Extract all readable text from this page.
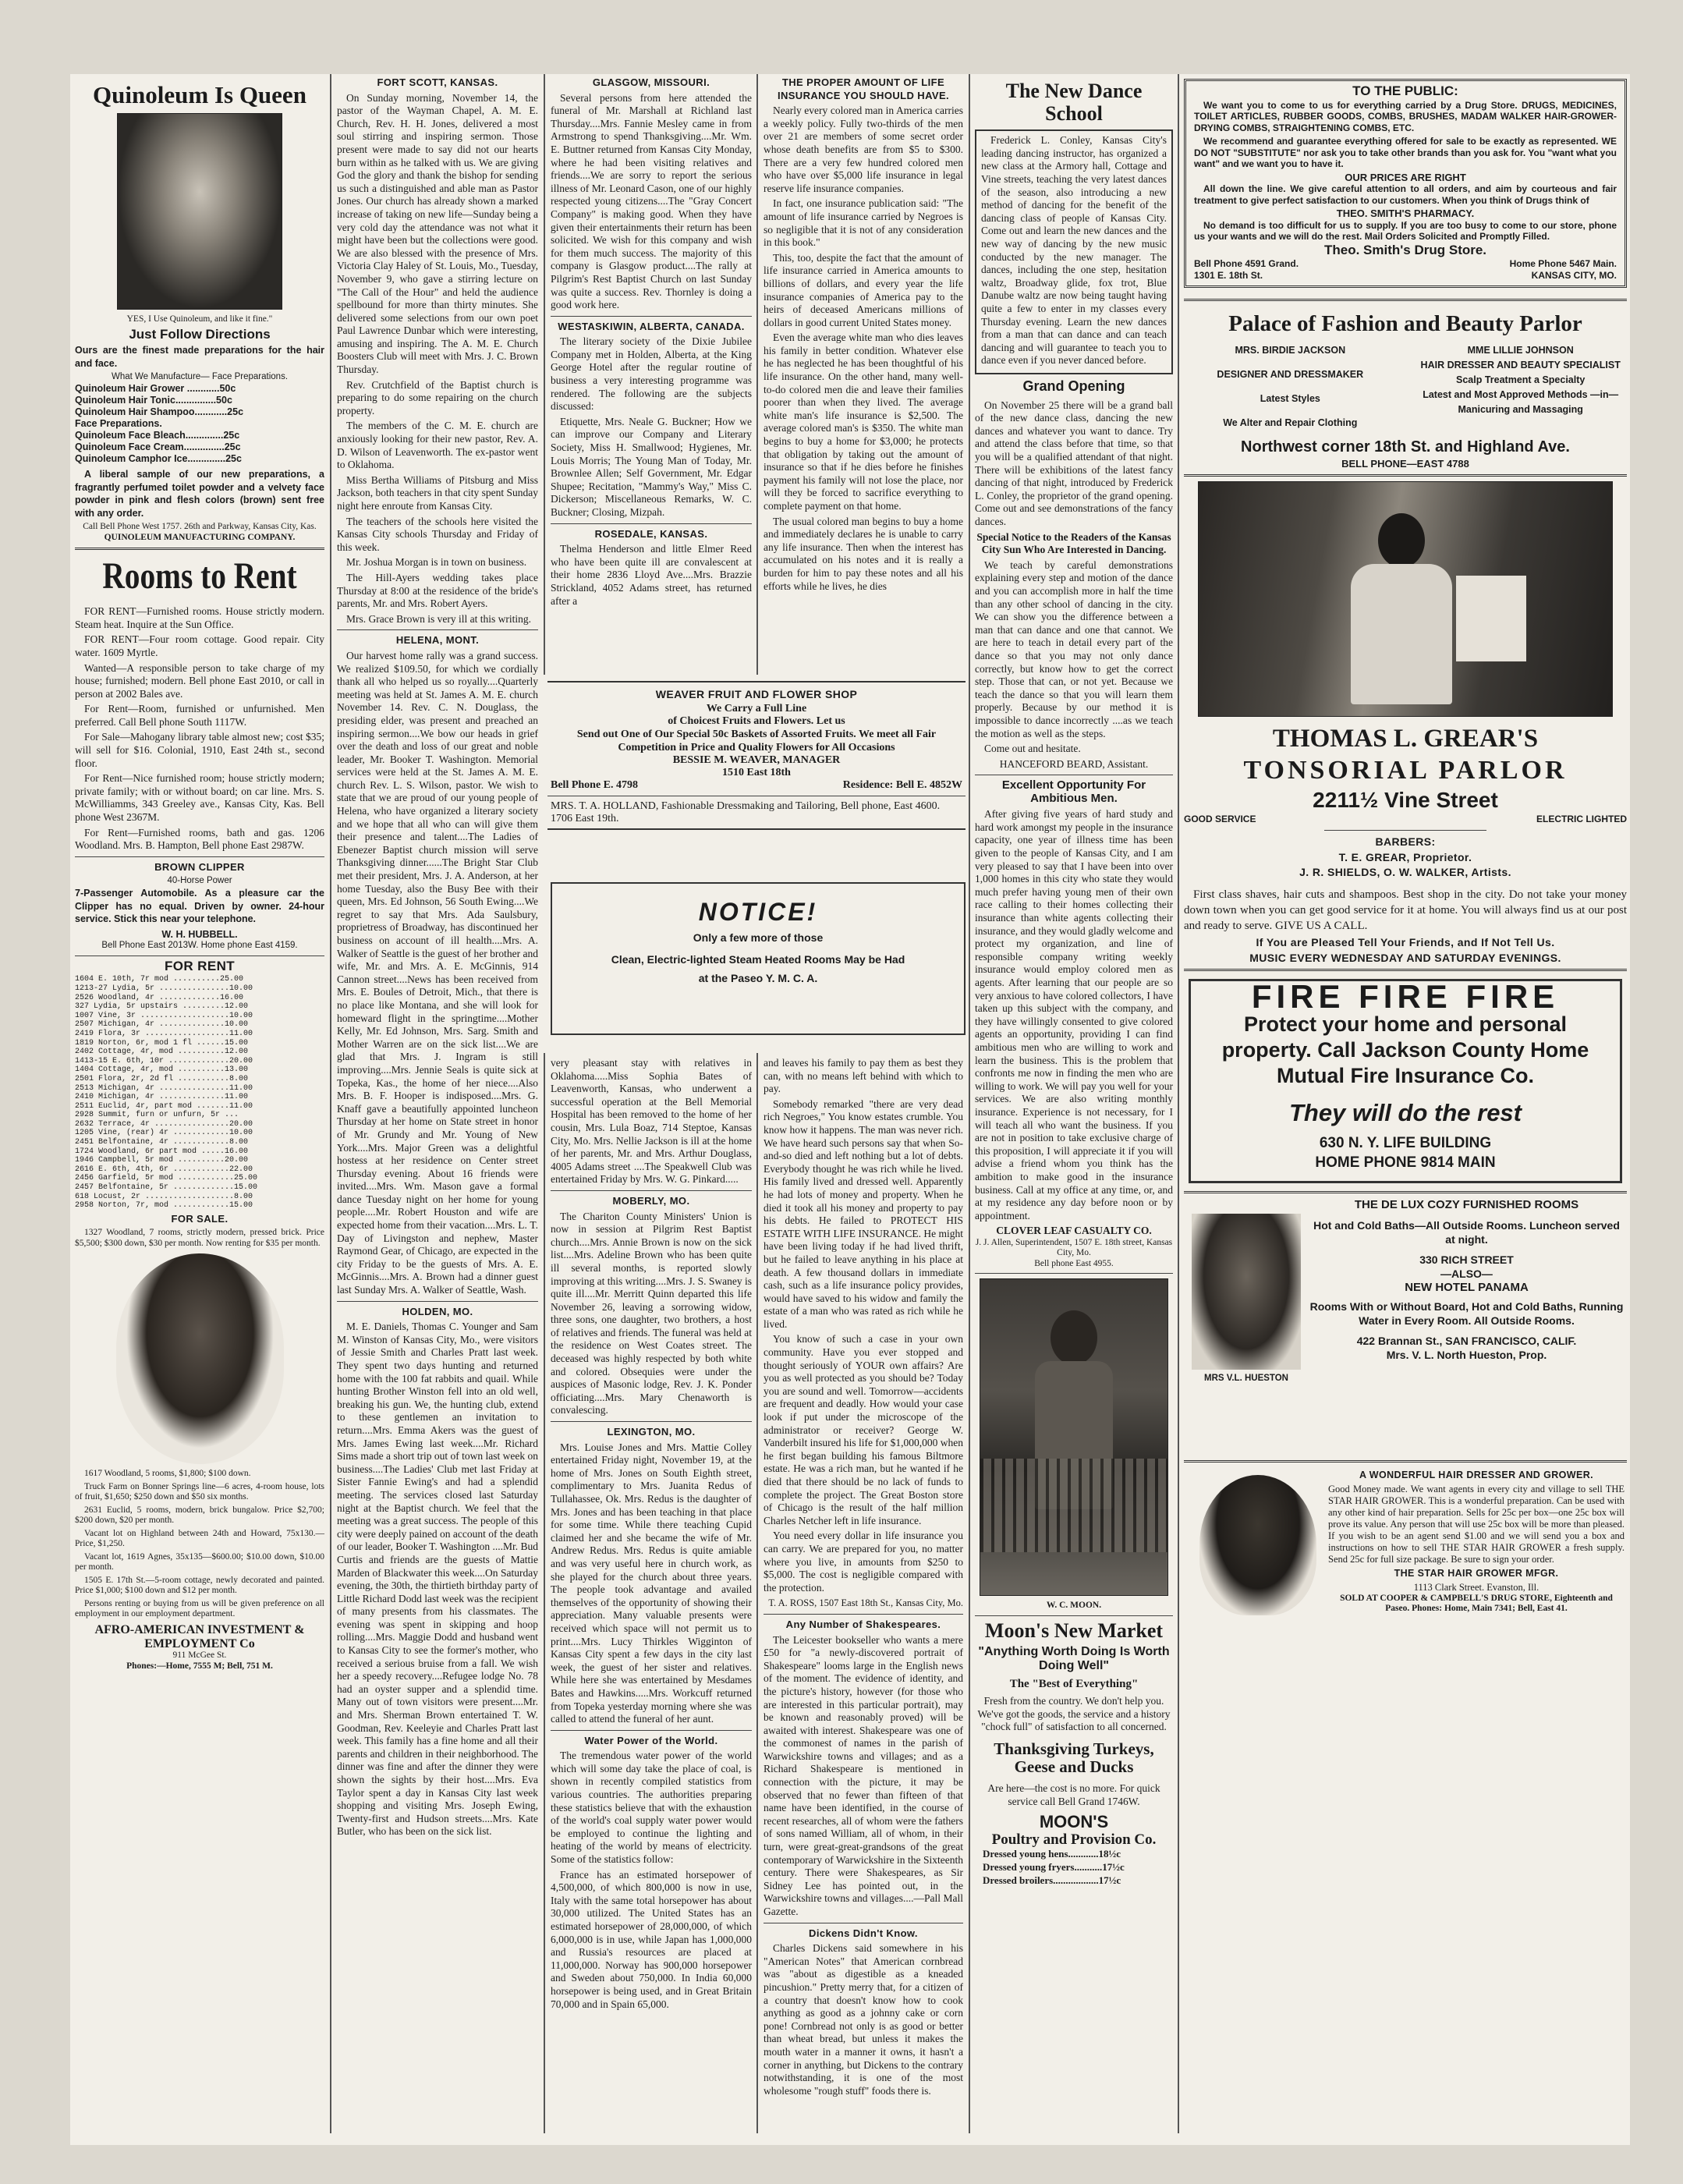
Quinoleum Is Queen
YES, I Use Quinoleum, and like it fine."
Just Follow Directions

Ours are the finest made preparations for the hair and face.

What We Manufacture— Face Preparations.
Quinoleum Hair Grower ............50c
Quinoleum Hair Tonic...............50c
Quinoleum Hair Shampoo............25c
Face Preparations.
Quinoleum Face Bleach..............25c
Quinoleum Face Cream...............25c
Quinoleum Camphor Ice..............25c

A liberal sample of our new preparations, a fragrantly perfumed toilet powder and a velvety face powder in pink and flesh colors (brown) sent free with any order.

Call Bell Phone West 1757. 26th and Parkway, Kansas City, Kas.
QUINOLEUM MANUFACTURING COMPANY.
Rooms to Rent

FOR RENT—Furnished rooms. House strictly modern. Steam heat. Inquire at the Sun Office.

FOR RENT—Four room cottage. Good repair. City water. 1609 Myrtle.

Wanted—A responsible person to take charge of my house; furnished; modern. Bell phone East 2010, or call in person at 2002 Bales ave.

For Rent—Room, furnished or unfurnished. Men preferred. Call Bell phone South 1117W.

For Sale—Mahogany library table almost new; cost $35; will sell for $16. Colonial, 1910, East 24th st., second floor.

For Rent—Nice furnished room; house strictly modern; private family; with or without board; on car line. Mrs. S. McWilliamms, 343 Greeley ave., Kansas City, Kas. Bell phone West 2367M.

For Rent—Furnished rooms, bath and gas. 1206 Woodland. Mrs. B. Hampton, Bell phone East 2987W.

BROWN CLIPPER
40-Horse Power

7-Passenger Automobile. As a pleasure car the Clipper has no equal. Driven by owner. 24-hour service. Stick this near your telephone.

W. H. HUBBELL.
Bell Phone East 2013W. Home phone East 4159.
FOR RENT
1604 E. 10th, 7r mod ..........25.00
1213-27 Lydia, 5r ...............10.00
2526 Woodland, 4r .............16.00
327 Lydia, 5r upstairs .........12.00
1007 Vine, 3r ...................10.00
2507 Michigan, 4r ..............10.00
2419 Flora, 3r ..................11.00
1819 Norton, 6r, mod 1 fl ......15.00
2402 Cottage, 4r, mod ..........12.00
1413-15 E. 6th, 10r .............20.00
1404 Cottage, 4r, mod ..........13.00
2501 Flora, 2r, 2d fl ...........8.00
2513 Michigan, 4r ...............11.00
2410 Michigan, 4r ..............11.00
2511 Euclid, 4r, part mod .......11.00
2928 Summit, furn or unfurn, 5r ...
2632 Terrace, 4r ................20.00
1205 Vine, (rear) 4r ............10.00
2451 Belfontaine, 4r ............8.00
1724 Woodland, 6r part mod .....16.00
1946 Campbell, 5r mod ..........20.00
2616 E. 6th, 4th, 6r ............22.00
2456 Garfield, 5r mod ............25.00
2457 Belfontaine, 5r .............15.00
618 Locust, 2r ...................8.00
2958 Norton, 7r, mod ............15.00
FOR SALE.

1327 Woodland, 7 rooms, strictly modern, pressed brick. Price $5,500; $300 down, $30 per month. Now renting for $35 per month.

1617 Woodland, 5 rooms, $1,800; $100 down.

Truck Farm on Bonner Springs line—6 acres, 4-room house, lots of fruit, $1,650; $250 down and $50 six months.

2631 Euclid, 5 rooms, modern, brick bungalow. Price $2,700; $200 down, $20 per month.

Vacant lot on Highland between 24th and Howard, 75x130.—Price, $1,250.

Vacant lot, 1619 Agnes, 35x135—$600.00; $10.00 down, $10.00 per month.

1505 E. 17th St.—5-room cottage, newly decorated and painted. Price $1,000; $100 down and $12 per month.

Persons renting or buying from us will be given preference on all employment in our employment department.

AFRO-AMERICAN INVESTMENT & EMPLOYMENT Co
911 McGee St.
Phones:—Home, 7555 M; Bell, 751 M.
FORT SCOTT, KANSAS.

On Sunday morning, November 14, the pastor of the Wayman Chapel, A. M. E. Church, Rev. H. H. Jones, delivered a most soul stirring and inspiring sermon. Those present were made to say did not our hearts burn within as he talked with us. We are giving God the glory and thank the bishop for sending us such a distinguished and able man as Pastor Jones. Our church has already shown a marked increase of taking on new life—Sunday being a very cold day the attendance was not what it might have been but the collections were good. We are also blessed with the presence of Mrs. Victoria Clay Haley of St. Louis, Mo., Tuesday, November 9, who gave a stirring lecture on "The Call of the Hour" and held the audience spellbound for more than thirty minutes. She delivered some selections from our own poet Paul Lawrence Dunbar which were interesting, amusing and inspiring. The A. M. E. Church Boosters Club will meet with Mrs. J. C. Brown Thursday.

Rev. Crutchfield of the Baptist church is preparing to do some repairing on the church property.

The members of the C. M. E. church are anxiously looking for their new pastor, Rev. A. D. Wilson of Leavenworth. The ex-pastor went to Oklahoma.

Miss Bertha Williams of Pitsburg and Miss Jackson, both teachers in that city spent Sunday night here enroute from Kansas City.

The teachers of the schools here visited the Kansas City schools Thursday and Friday of this week.

Mr. Joshua Morgan is in town on business.

The Hill-Ayers wedding takes place Thursday at 8:00 at the residence of the bride's parents, Mr. and Mrs. Robert Ayers.

Mrs. Grace Brown is very ill at this writing.

HELENA, MONT.

Our harvest home rally was a grand success. We realized $109.50, for which we cordially thank all who helped us so royally....Quarterly meeting was held at St. James A. M. E. church November 14. Rev. C. N. Douglass, the presiding elder, was present and preached an inspiring sermon....We bow our heads in grief over the death and loss of our great and noble leader, Mr. Booker T. Washington. Memorial services were held at the St. James A. M. E. church Rev. L. S. Wilson, pastor. We wish to state that we are proud of our young people of Helena, who have organized a literary society and we hope that all who can will give them their presence and talent....The Ladies of Ebenezer Baptist church mission will serve Thanksgiving dinner......The Bright Star Club met their president, Mrs. J. A. Anderson, at her home Tuesday, also the Busy Bee with their queen, Mrs. Ed Johnson, 56 South Ewing....We regret to say that Mrs. Ada Saulsbury, proprietress of Broadway, has discontinued her business on account of ill health....Mrs. A. Walker of Seattle is the guest of her brother and wife, Mr. and Mrs. A. E. McGinnis, 914 Cannon street....News has been received from Mrs. E. Boules of Detroit, Mich., that there is no place like Montana, and she will look for homeward flight in the springtime....Mother Kelly, Mr. Ed Johnson, Mrs. Sarg. Smith and Mother Warren are on the sick list....We are glad that Mrs. J. Ingram is still improving....Mrs. Jennie Seals is quite sick at Topeka, Kas., the home of her niece....Also Mrs. B. F. Hooper is indisposed....Mrs. G. Knaff gave a beautifully appointed luncheon Thursday at her home on State street in honor of Mr. Grundy and Mr. Young of New York....Mrs. Major Green was a delightful hostess at her residence on Center street Thursday evening. About 16 friends were invited....Mrs. Wm. Mason gave a formal dance Tuesday night on her home for young people....Mr. Robert Houston and wife are expected home from their vacation....Mrs. L. T. Day of Livingston and nephew, Master Raymond Gear, of Chicago, are expected in the city Friday to be the guests of Mrs. A. E. McGinnis....Mrs. A. Brown had a dinner guest last Sunday Mrs. A. Walker of Seattle, Wash.

HOLDEN, MO.

M. E. Daniels, Thomas C. Younger and Sam M. Winston of Kansas City, Mo., were visitors of Jessie Smith and Charles Pratt last week. They spent two days hunting and returned home with the 100 fat rabbits and quail. While hunting Brother Winston fell into an old well, breaking his gun. We, the hunting club, extend to these gentlemen an invitation to return....Mrs. Emma Akers was the guest of Mrs. James Ewing last week....Mr. Richard Sims made a short trip out of town last week on business....The Ladies' Club met last Friday at Sister Fannie Ewing's and had a splendid meeting. The services closed last Saturday night at the Baptist church. We feel that the meeting was a great success. The people of this city were deeply pained on account of the death of our leader, Booker T. Washington ....Mr. Bud Curtis and friends are the guests of Mattie Marden of Blackwater this week....On Saturday evening, the 30th, the thirtieth birthday party of Little Richard Dodd last week was the recipient of many presents from his classmates. The evening was spent in skipping and hoop rolling....Mrs. Maggie Dodd and husband went to Kansas City to see the former's mother, who received a serious bruise from a fall. We wish her a speedy recovery....Refugee lodge No. 78 had an oyster supper and a splendid time. Many out of town visitors were present....Mr. and Mrs. Sherman Brown entertained T. W. Goodman, Rev. Keeleyie and Charles Pratt last week. This family has a fine home and all their parents and children in their neighborhood. The dinner was fine and after the dinner they were shown the sights by their host....Mrs. Eva Taylor spent a day in Kansas City last week shopping and visiting Mrs. Joseph Ewing, Twenty-first and Hudson streets....Mrs. Kate Butler, who has been on the sick list.

GLASGOW, MISSOURI.

Several persons from here attended the funeral of Mr. Marshall at Richland last Thursday....Mrs. Fannie Mesley came in from Armstrong to spend Thanksgiving....Mr. Wm. E. Buttner returned from Kansas City Monday, where he had been visiting relatives and friends....We are sorry to report the serious illness of Mr. Leonard Cason, one of our highly respected young citizens....The "Gray Concert Company" is making good. When they have given their entertainments their return has been solicited. We wish for this company and wish for them much success. The majority of this company is Glasgow product....The rally at Pilgrim's Rest Baptist Church on last Sunday was quite a success. Rev. Thornley is doing a good work here.

WESTASKIWIN, ALBERTA, CANADA.

The literary society of the Dixie Jubilee Company met in Holden, Alberta, at the King George Hotel after the regular routine of business a very interesting programme was rendered. The following are the subjects discussed:

Etiquette, Mrs. Neale G. Buckner; How we can improve our Company and Literary Society, Miss H. Smallwood; Hygienes, Mr. Louis Morris; The Young Man of Today, Mr. Brownlee Allen; Self Government, Mr. Edgar Shupee; Recitation, "Mammy's Way," Miss C. Dickerson; Miscellaneous Remarks, W. C. Buckner; Closing, Mizpah.

ROSEDALE, KANSAS.

Thelma Henderson and little Elmer Reed who have been quite ill are convalescent at their home 2836 Lloyd Ave....Mrs. Brazzie Strickland, 4052 Adams street, has returned after a

THE PROPER AMOUNT OF LIFE INSURANCE YOU SHOULD HAVE.

Nearly every colored man in America carries a weekly policy. Fully two-thirds of the men over 21 are members of some secret order whose death benefits are from $5 to $300. There are a very few hundred colored men who have over $5,000 life insurance in legal reserve life insurance companies.

In fact, one insurance publication said: "The amount of life insurance carried by Negroes is so negligible that it is not of any consideration in this book."

This, too, despite the fact that the amount of life insurance carried in America amounts to billions of dollars, and every year the life insurance companies of America pay to the heirs of deceased Americans millions of dollars in good current United States money.

Even the average white man who dies leaves his family in better condition. Whatever else he has neglected he has been thoughtful of his life insurance. On the other hand, many well-to-do colored men die and leave their families poorer than when they lived. The average white man's life insurance is $2,500. The average colored man's is $350. The white man begins to buy a home for $3,000; he protects that obligation by taking out the amount of insurance so that if he dies before he finishes payment his family will not lose the place, nor will they be forced to sacrifice everything to complete payment on that home.

The usual colored man begins to buy a home and immediately declares he is unable to carry any life insurance. Then when the interest has accumulated on his notes and it is really a burden for him to pay these notes and all his efforts while he lives, he dies

WEAVER FRUIT AND FLOWER SHOP
We Carry a Full Line
of Choicest Fruits and Flowers. Let us
Send out One of Our Special 50c Baskets of Assorted Fruits. We meet all Fair Competition in Price and Quality Flowers for All Occasions
BESSIE M. WEAVER, MANAGER
1510 East 18th
Bell Phone E. 4798	Residence: Bell E. 4852W
MRS. T. A. HOLLAND, Fashionable Dressmaking and Tailoring, Bell phone, East 4600. 1706 East 19th.
NOTICE!
Only a few more of those
Clean, Electric-lighted Steam Heated Rooms May be Had
at the Paseo Y. M. C. A.

very pleasant stay with relatives in Oklahoma.....Miss Sophia Bates of Leavenworth, Kansas, who underwent a successful operation at the Bell Memorial Hospital has been removed to the home of her cousin, Mrs. Lula Boaz, 714 Steptoe, Kansas City, Mo. Mrs. Nellie Jackson is ill at the home of her parents, Mr. and Mrs. Arthur Douglass, 4005 Adams street ....The Speakwell Club was entertained Friday by Mrs. W. G. Pinkard.....

MOBERLY, MO.

The Chariton County Ministers' Union is now in session at Pilgrim Rest Baptist church....Mrs. Annie Brown is now on the sick list....Mrs. Adeline Brown who has been quite ill several months, is reported slowly improving at this writing....Mrs. J. S. Swaney is quite ill....Mr. Merritt Quinn departed this life November 26, leaving a sorrowing widow, three sons, one daughter, two brothers, a host of relatives and friends. The funeral was held at the residence on West Coates street. The deceased was highly respected by both white and colored. Obsequies were under the auspices of Masonic lodge, Rev. J. K. Ponder officiating....Mrs. Mary Chenaworth is convalescing.

LEXINGTON, MO.

Mrs. Louise Jones and Mrs. Mattie Colley entertained Friday night, November 19, at the home of Mrs. Jones on South Eighth street, complimentary to Mrs. Juanita Redus of Tullahassee, Ok. Mrs. Redus is the daughter of Mrs. Jones and has been teaching in that place for some time. While there teaching Cupid claimed her and she became the wife of Mr. Andrew Redus. Mrs. Redus is quite amiable and was very useful here in church work, as she played for the church about three years. The people took advantage and availed themselves of the opportunity of showing their appreciation. Many valuable presents were received which space will not permit us to print....Mrs. Lucy Thirkles Wigginton of Kansas City spent a few days in the city last week, the guest of her sister and relatives. While here she was entertained by Mesdames Bates and Hawkins.....Mrs. Workcuff returned from Topeka yesterday morning where she was called to attend the funeral of her aunt.

Water Power of the World.

The tremendous water power of the world which will some day take the place of coal, is shown in recently compiled statistics from various countries. The authorities preparing these statistics believe that with the exhaustion of the world's coal supply water power would be employed to continue the lighting and heating of the world by means of electricity. Some of the statistics follow:

France has an estimated horsepower of 4,500,000, of which 800,000 is now in use, Italy with the same total horsepower has about 30,000 utilized. The United States has an estimated horsepower of 28,000,000, of which 6,000,000 is in use, while Japan has 1,000,000 and Russia's resources are placed at 11,000,000. Norway has 900,000 horsepower and Sweden about 750,000. In India 60,000 horsepower is being used, and in Great Britain 70,000 and in Spain 65,000.

and leaves his family to pay them as best they can, with no means left behind with which to pay.

Somebody remarked "there are very dead rich Negroes," You know estates crumble. You know how it happens. The man was never rich. We have heard such persons say that when So-and-so died and left nothing but a lot of debts. Everybody thought he was rich while he lived. His family lived and dressed well. Apparently he had lots of money and property. When he died it took all his money and property to pay his debts. He failed to PROTECT HIS ESTATE WITH LIFE INSURANCE. He might have been living today if he had lived thrift, but he failed to leave anything in his place at death. A few thousand dollars in immediate cash, such as a life insurance policy provides, would have saved to his widow and family the estate of a man who was rated as rich while he lived.

You know of such a case in your own community. Have you ever stopped and thought seriously of YOUR own affairs? Are you as well protected as you should be? Today you are sound and well. Tomorrow—accidents are frequent and deadly. How would your case look if put under the microscope of the administrator or receiver? George W. Vanderbilt insured his life for $1,000,000 when he first began building his famous Biltmore estate. He was a rich man, but he wanted if he died that there should be no lack of funds to complete the project. The Great Boston store of Chicago is the result of the half million Charles Netcher left in life insurance.

You need every dollar in life insurance you can carry. We are prepared for you, no matter where you live, in amounts from $250 to $5,000. The cost is negligible compared with the protection.

T. A. ROSS, 1507 East 18th St., Kansas City, Mo.
Any Number of Shakespeares.

The Leicester bookseller who wants a mere £50 for "a newly-discovered portrait of Shakespeare" looms large in the English news of the moment. The evidence of identity, and the picture's history, however (for those who are interested in this particular portrait), may be known and reasonably proved) will be awaited with interest. Shakespeare was one of the commonest of names in the parish of Warwickshire towns and villages; and as a Richard Shakespeare is mentioned in connection with the picture, it may be observed that no fewer than fifteen of that name have been identified, in the course of recent researches, all of whom were the fathers of sons named William, all of whom, in their turn, were great-great-grandsons of the great contemporary of Warwickshire in the Sixteenth century. There were Shakespeares, as Sir Sidney Lee has pointed out, in the Warwickshire towns and villages....—Pall Mall Gazette.

Dickens Didn't Know.

Charles Dickens said somewhere in his "American Notes" that American cornbread was "about as digestible as a kneaded pincushion." Pretty merry that, for a citizen of a country that doesn't know how to cook anything as good as a johnny cake or corn pone! Cornbread not only is as good or better than wheat bread, but unless it makes the mouth water in a manner it owns, it hasn't a corner in anything, but Dickens to the contrary notwithstanding, it is one of the most wholesome "rough stuff" foods there is.

The New Dance School

Frederick L. Conley, Kansas City's leading dancing instructor, has organized a new class at the Armory hall, Cottage and Vine streets, teaching the very latest dances of the season, also introducing a new method of dancing for the benefit of the dancing class of people of Kansas City. Come out and learn the new dances and the new way of dancing by the new music conducted by the new manager. The dances, including the one step, hesitation waltz, Broadway glide, fox trot, Blue Danube waltz are now being taught having quite a few to enter in my classes every Thursday evening. Learn the new dances from a man that can dance and can teach dancing and will guarantee to teach you to dance even if you never danced before.

Grand Opening

On November 25 there will be a grand ball of the new dance class, dancing the new dances and whatever you want to dance. Try and attend the class before that time, so that you will be a qualified attendant of that night. There will be exhibitions of the latest fancy dancing of that night, introduced by Frederick L. Conley, the proprietor of the grand opening. Come out and see demonstrations of the fancy dances.

Special Notice to the Readers of the Kansas City Sun Who Are Interested in Dancing.

We teach by careful demonstrations explaining every step and motion of the dance and you can accomplish more in half the time than any other school of dancing in the city. We can show you the difference between a man that can dance and one that cannot. We are here to teach in detail every part of the dance so that you may not only dance correctly, but know how to get the correct step. Those that can, or not yet. Because we teach the dance so that you will learn them properly. Because by our method it is impossible to dance incorrectly ....as we teach the motion as well as the steps.

Come out and hesitate.

HANCEFORD BEARD, Assistant.
Excellent Opportunity For Ambitious Men.

After giving five years of hard study and hard work amongst my people in the insurance capacity, one year of illness time has been given to the people of Kansas City, and I am very pleased to say that I have been into over 1,000 homes in this city who state they would much prefer having young men of their own race calling to their homes collecting their insurance than white agents collecting their insurance, and they would gladly welcome and protect my organization, and line of responsible company writing weekly insurance would employ colored men as agents. After learning that our people are so very anxious to have colored collectors, I have taken up this subject with the company, and they have willingly consented to give colored agents an opportunity, providing I can find ambitious men who are willing to work and learn the business. This is the problem that confronts me now in finding the men who are willing to work. We will pay you well for your services. We are also writing monthly insurance. Experience is not necessary, for I will teach all who want the business. If you are not in position to take exclusive charge of this proposition, I will appreciate it if you will advise a friend whom you think has the ambition to make good in the insurance business. Call at my office at any time, or, and at my residence any day before noon or by appointment.

CLOVER LEAF CASUALTY CO.
J. J. Allen, Superintendent, 1507 E. 18th street, Kansas City, Mo.
Bell phone East 4955.
W. C. MOON.
Moon's New Market
"Anything Worth Doing Is Worth Doing Well"
The "Best of Everything"

Fresh from the country. We don't help you. We've got the goods, the service and a history "chock full" of satisfaction to all concerned.

Thanksgiving Turkeys, Geese and Ducks

Are here—the cost is no more. For quick service call Bell Grand 1746W.

MOON'S
Poultry and Provision Co.
Dressed young hens............18½c
Dressed young fryers...........17½c
Dressed broilers..................17½c
TO THE PUBLIC:

We want you to come to us for everything carried by a Drug Store. DRUGS, MEDICINES, TOILET ARTICLES, RUBBER GOODS, COMBS, BRUSHES, MADAM WALKER HAIR-GROWER-DRYING COMBS, STRAIGHTENING COMBS, ETC.

We recommend and guarantee everything offered for sale to be exactly as represented. WE DO NOT "SUBSTITUTE" nor ask you to take other brands than you ask for. You "want what you want" and we want you to have it.

OUR PRICES ARE RIGHT

All down the line. We give careful attention to all orders, and aim by courteous and fair treatment to give perfect satisfaction to our customers. When you think of Drugs think of

THEO. SMITH'S PHARMACY.

No demand is too difficult for us to supply. If you are too busy to come to our store, phone us your wants and we will do the rest. Mail Orders Solicited and Promptly Filled.

Theo. Smith's Drug Store.
Bell Phone 4591 Grand.	Home Phone 5467 Main.
1301 E. 18th St.	KANSAS CITY, MO.
Palace of Fashion and Beauty Parlor
MRS. BIRDIE JACKSON
DESIGNER AND DRESSMAKER
Latest Styles
We Alter and Repair Clothing
MME LILLIE JOHNSON
HAIR DRESSER AND BEAUTY SPECIALIST
Scalp Treatment a Specialty
Latest and Most Approved Methods —in— Manicuring and Massaging
Northwest corner 18th St. and Highland Ave.
BELL PHONE—EAST 4788
THOMAS L. GREAR'S
TONSORIAL PARLOR
2211½ Vine Street
GOOD SERVICE	ELECTRIC LIGHTED
BARBERS:
T. E. GREAR, Proprietor.
J. R. SHIELDS, O. W. WALKER, Artists.

First class shaves, hair cuts and shampoos. Best shop in the city. Do not take your money down town when you can get good service for it at home. You will always find us at our post and ready to serve. GIVE US A CALL.

If You are Pleased Tell Your Friends, and If Not Tell Us.
MUSIC EVERY WEDNESDAY AND SATURDAY EVENINGS.
FIRE FIRE FIRE
Protect your home and personal property. Call Jackson County Home Mutual Fire Insurance Co.
They will do the rest
630 N. Y. LIFE BUILDING
HOME PHONE 9814 MAIN
MRS V.L. HUESTON
THE DE LUX COZY FURNISHED ROOMS
Hot and Cold Baths—All Outside Rooms. Luncheon served at night.
330 RICH STREET
—ALSO—
NEW HOTEL PANAMA
Rooms With or Without Board, Hot and Cold Baths, Running Water in Every Room. All Outside Rooms.
422 Brannan St., SAN FRANCISCO, CALIF.
Mrs. V. L. North Hueston, Prop.
A WONDERFUL HAIR DRESSER AND GROWER.

Good Money made. We want agents in every city and village to sell THE STAR HAIR GROWER. This is a wonderful preparation. Can be used with any other kind of hair preparation. Sells for 25c per box—one 25c box will prove its value. Any person that will use 25c box will be more than pleased. If you wish to be an agent send $1.00 and we will send you a box and instructions on how to sell THE STAR HAIR GROWER a fresh supply. Send 25c for full size package. Be sure to sign your order.

THE STAR HAIR GROWER MFGR.
1113 Clark Street. Evanston, Ill.
SOLD AT COOPER & CAMPBELL'S DRUG STORE, Eighteenth and Paseo. Phones: Home, Main 7341; Bell, East 41.
